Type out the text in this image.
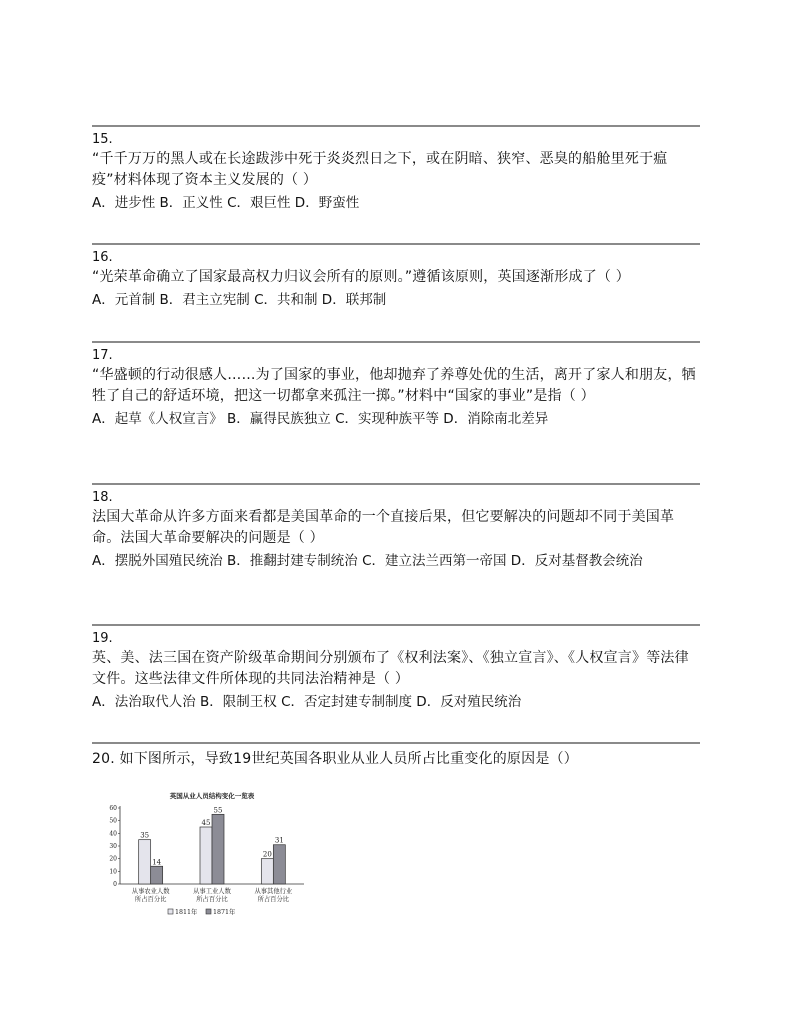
15.
“千千万万的黑人或在长途跋涉中死于炎炎烈日之下，或在阴暗、狭窄、恶臭的船舱里死于瘟疫”材料体现了资本主义发展的（ ）
A．进步性 B．正义性 C．艰巨性 D．野蛮性
16.
“光荣革命确立了国家最高权力归议会所有的原则。”遵循该原则，英国逐渐形成了（ ）
A．元首制 B．君主立宪制 C．共和制 D．联邦制
17.
“华盛顿的行动很感人……为了国家的事业，他却抛弃了养尊处优的生活，离开了家人和朋友，牺牲了自己的舒适环境，把这一切都拿来孤注一掷。”材料中“国家的事业”是指（ ）
A．起草《人权宣言》 B．赢得民族独立 C．实现种族平等 D．消除南北差异
18.
法国大革命从许多方面来看都是美国革命的一个直接后果，但它要解决的问题却不同于美国革命。法国大革命要解决的问题是（ ）
A．摆脱外国殖民统治 B．推翻封建专制统治 C．建立法兰西第一帝国 D．反对基督教会统治
19.
英、美、法三国在资产阶级革命期间分别颁布了《权利法案》、《独立宣言》、《人权宣言》等法律文件。这些法律文件所体现的共同法治精神是（ ）
A．法治取代人治 B．限制王权 C．否定封建专制制度 D．反对殖民统治
20. 如下图所示，导致19世纪英国各职业从业人员所占比重变化的原因是（）
英国从业人员结构变化一览表
0
10
20
30
40
50
60
35
14
从事农业人数
所占百分比
45
55
从事工业人数
所占百分比
20
31
从事其他行业
所占百分比
1811年 1871年
